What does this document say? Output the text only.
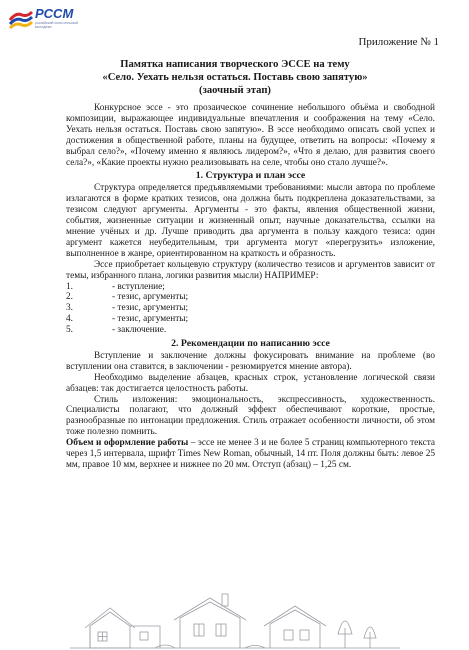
РССМ
российский союз сельской молодёжи
Приложение № 1
Памятка написания творческого ЭССЕ на тему
«Село. Уехать нельзя остаться. Поставь свою запятую»
(заочный этап)

Конкурсное эссе - это прозаическое сочинение небольшого объёма и свободной композиции, выражающее индивидуальные впечатления и соображения на тему «Село. Уехать нельзя остаться. Поставь свою запятую». В эссе необходимо описать свой успех и достижения в общественной работе, планы на будущее, ответить на вопросы: «Почему я выбрал село?», «Почему именно я являюсь лидером?», «Что я делаю, для развития своего села?», «Какие проекты нужно реализовывать на селе, чтобы оно стало лучше?».

1. Структура и план эссе

Структура определяется предъявляемыми требованиями: мысли автора по проблеме излагаются в форме кратких тезисов, она должна быть подкреплена доказательствами, за тезисом следуют аргументы. Аргументы - это факты, явления общественной жизни, события, жизненные ситуации и жизненный опыт, научные доказательства, ссылки на мнение учёных и др. Лучше приводить два аргумента в пользу каждого тезиса: один аргумент кажется неубедительным, три аргумента могут «перегрузить» изложение, выполненное в жанре, ориентированном на краткость и образность.

Эссе приобретает кольцевую структуру (количество тезисов и аргументов зависит от темы, избранного плана, логики развития мысли) НАПРИМЕР:

1.	- вступление;
2.	- тезис, аргументы;
3.	- тезис, аргументы;
4.	- тезис, аргументы;
5.	- заключение.

2. Рекомендации по написанию эссе

Вступление и заключение должны фокусировать внимание на проблеме (во вступлении она ставится, в заключении - резюмируется мнение автора).

Необходимо выделение абзацев, красных строк, установление логической связи абзацев: так достигается целостность работы.

Стиль изложения: эмоциональность, экспрессивность, художественность. Специалисты полагают, что должный эффект обеспечивают короткие, простые, разнообразные по интонации предложения. Стиль отражает особенности личности, об этом тоже полезно помнить.

Объем и оформление работы – эссе не менее 3 и не более 5 страниц компьютерного текста через 1,5 интервала, шрифт Times New Roman, обычный, 14 пт. Поля должны быть: левое 25 мм, правое 10 мм, верхнее и нижнее по 20 мм. Отступ (абзац) – 1,25 см.
